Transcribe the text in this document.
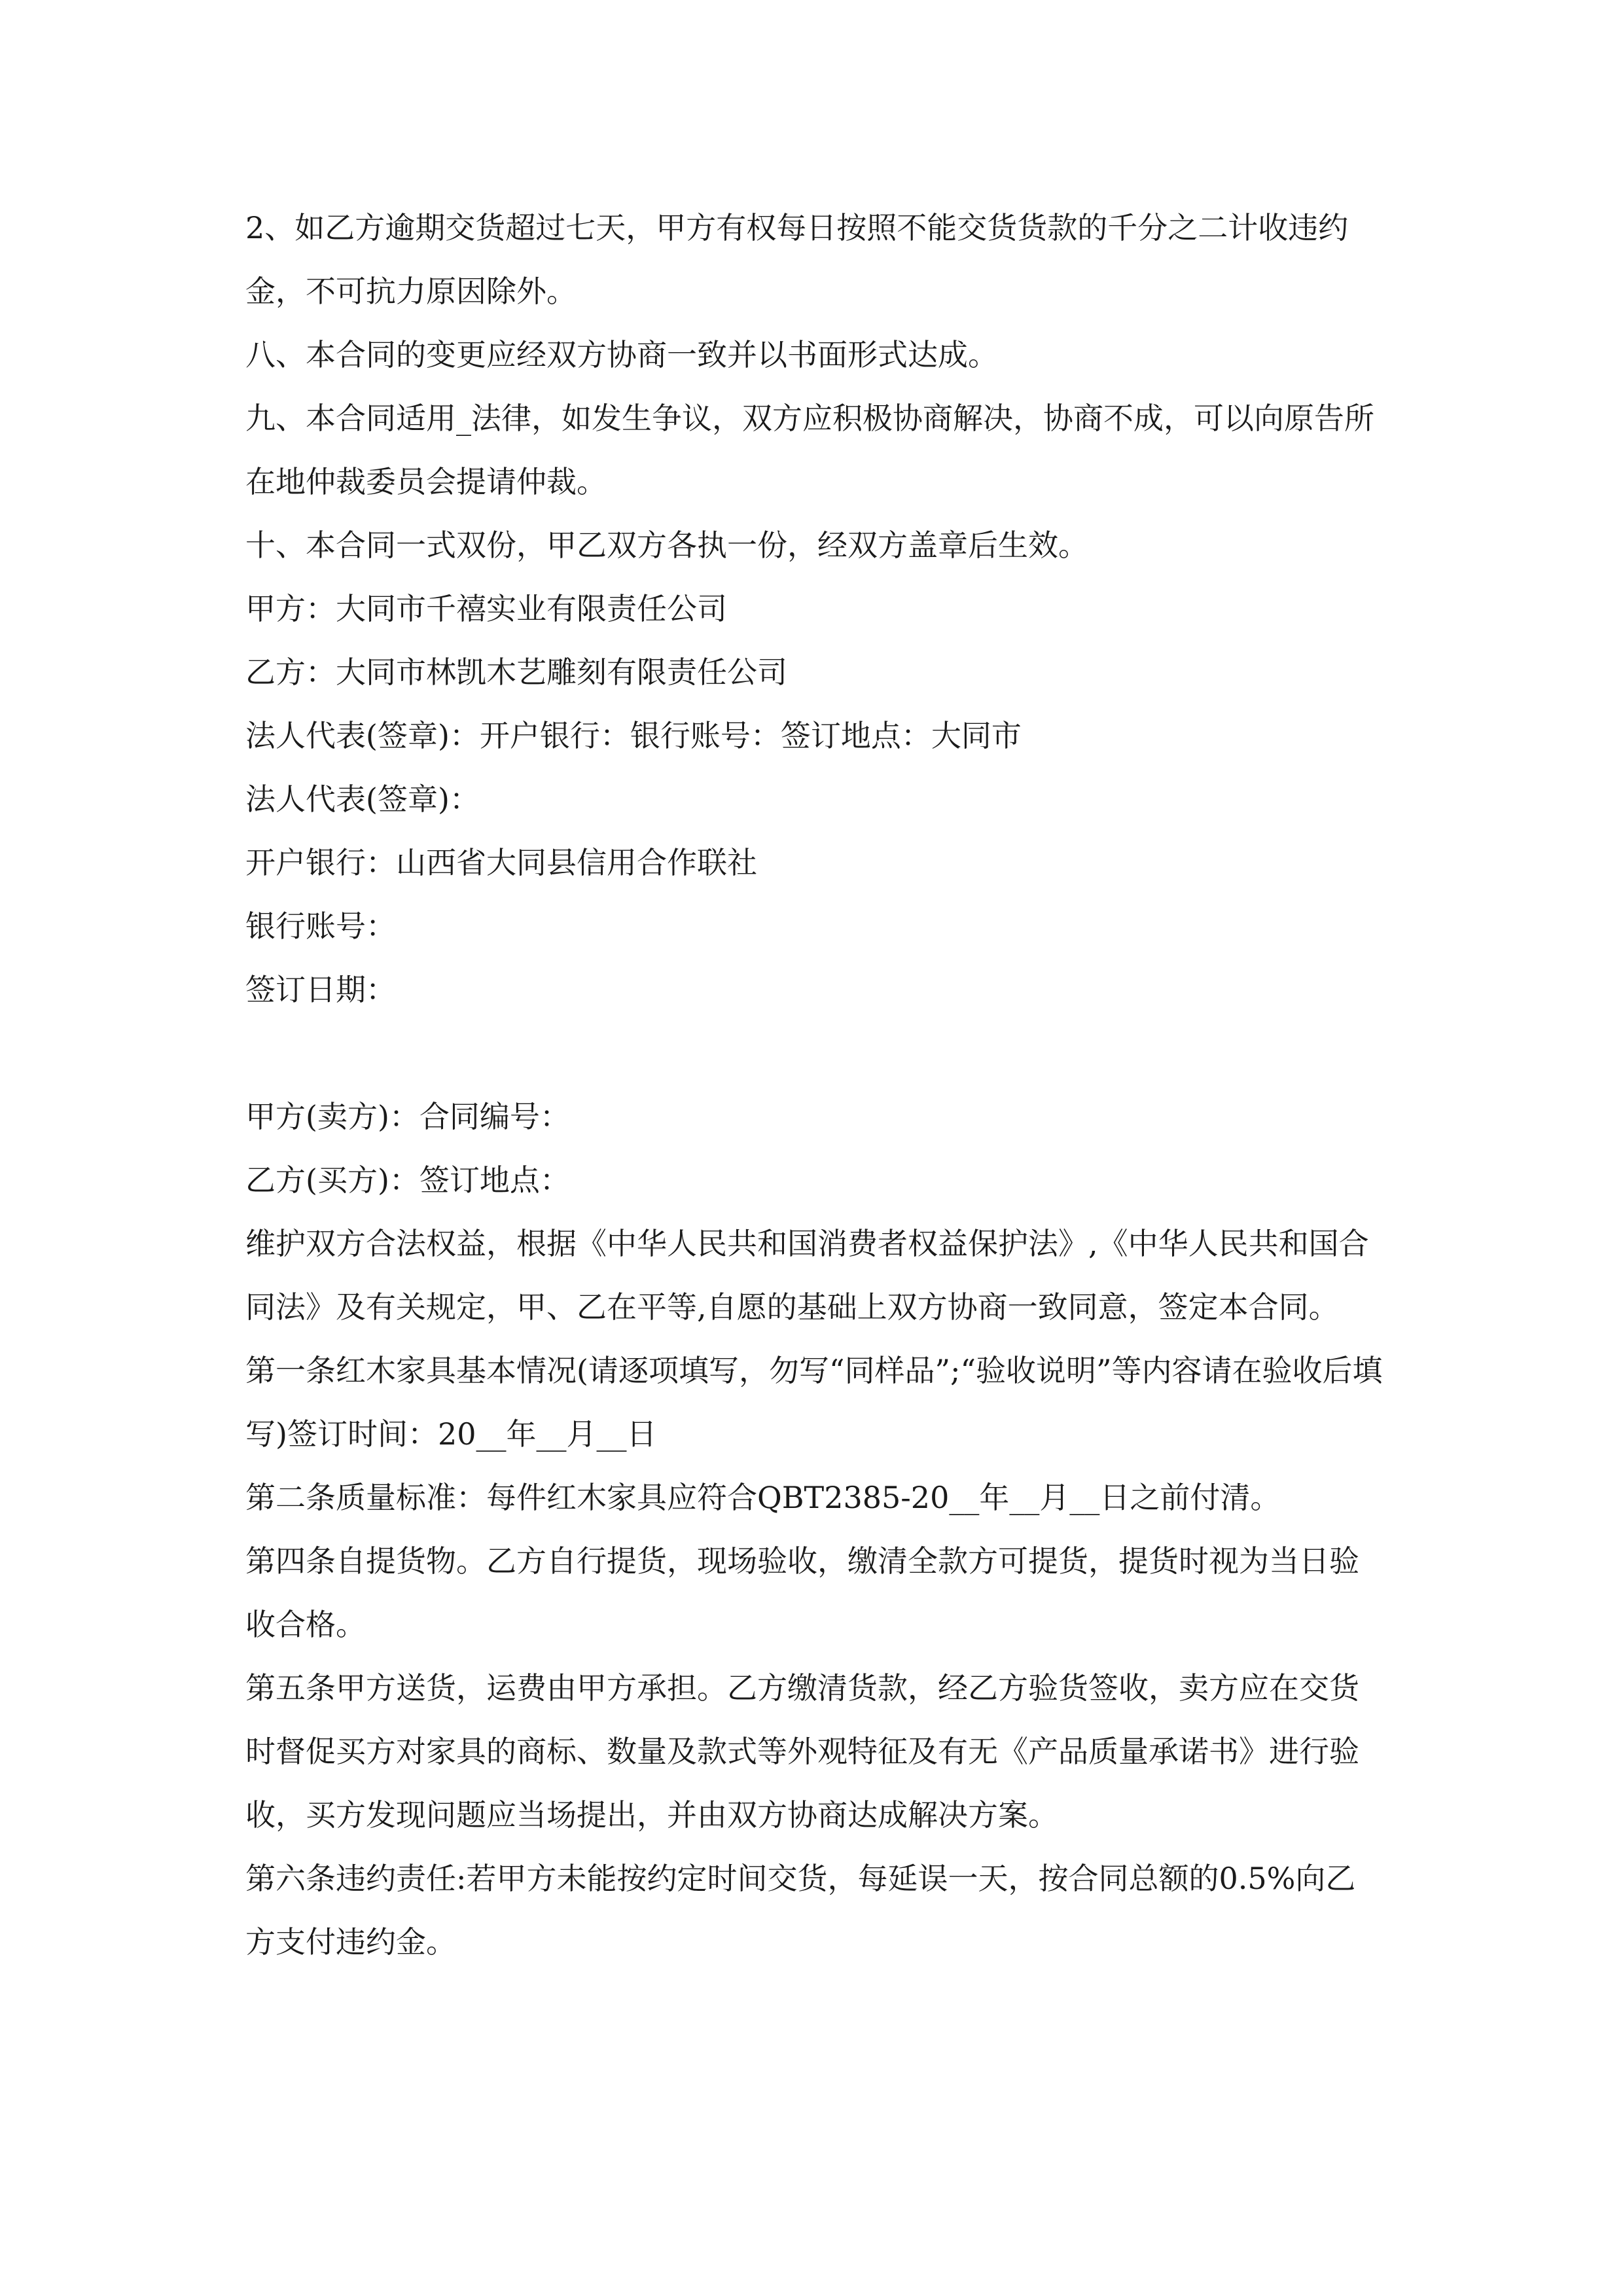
2、如乙方逾期交货超过七天，甲方有权每日按照不能交货货款的千分之二计收违约金，不可抗力原因除外。

八、本合同的变更应经双方协商一致并以书面形式达成。

九、本合同适用_法律，如发生争议，双方应积极协商解决，协商不成，可以向原告所在地仲裁委员会提请仲裁。

十、本合同一式双份，甲乙双方各执一份，经双方盖章后生效。

甲方：大同市千禧实业有限责任公司

乙方：大同市林凯木艺雕刻有限责任公司

法人代表(签章)：开户银行：银行账号：签订地点：大同市

法人代表(签章)：

开户银行：山西省大同县信用合作联社

银行账号：

签订日期：

甲方(卖方)：合同编号：

乙方(买方)：签订地点：

维护双方合法权益，根据《中华人民共和国消费者权益保护法》,《中华人民共和国合同法》及有关规定，甲、乙在平等,自愿的基础上双方协商一致同意，签定本合同。

第一条红木家具基本情况(请逐项填写，勿写“同样品”;“验收说明”等内容请在验收后填写)签订时间：20__年__月__日

第二条质量标准：每件红木家具应符合QBT2385-20__年__月__日之前付清。

第四条自提货物。乙方自行提货，现场验收，缴清全款方可提货，提货时视为当日验收合格。

第五条甲方送货，运费由甲方承担。乙方缴清货款，经乙方验货签收，卖方应在交货时督促买方对家具的商标、数量及款式等外观特征及有无《产品质量承诺书》进行验收，买方发现问题应当场提出，并由双方协商达成解决方案。

第六条违约责任:若甲方未能按约定时间交货，每延误一天，按合同总额的0.5%向乙方支付违约金。
